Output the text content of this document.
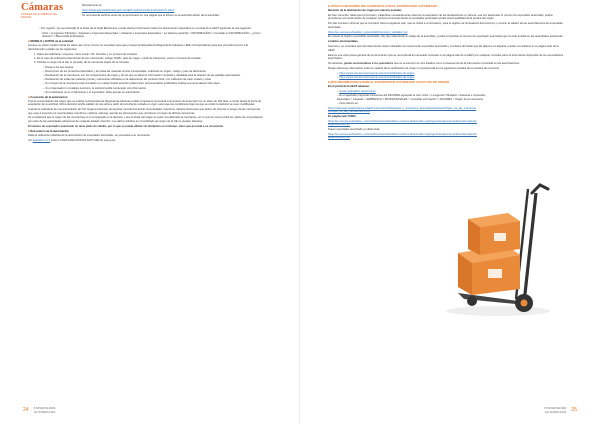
Cámaras
CÁMARA DE COMERCIO DE ESPAÑA

Directamente en:

https://www.agenciatributaria.gob.es/AEAT.sede/procedimientoini/GC47.shtml

Se recomienda verificar antes de proporcionarlo en una página que el fichero es la autoinformación de la autoridad:

– Por registro: (se recomienda) Si el titular de la Sede Electrónica, puede obtener información sobre los documentos requeridos en el portal de la AEAT siguiendo la ruta siguiente:

Inicio > la Agencia Tributaria > Aduanas e Impuestos Especiales > Aduanas e Impuestos Especiales > La aduana española > INFORMACIÓN > Consultar su INFORMACIÓN > ¿Cómo obtener? > Bienvenida al Ministerio

■ MODELO y DATOS de la solicitud

Aunque no existe modelo oficial los datos que como mínimo se necesitan para que procese la Dependencia Regional de Aduanas e IIEE correspondiente para que proceda al envío a la Administración podrán ser los siguientes:

1. Datos del solicitante, empresa, razón social, CIF, domicilio y su persona de contacto.
2. En el caso de solicitud la descripción de las mercancías, código TARIC, país de origen, medio de transporte, puerto o frontera de entrada.
3. Solicitar el origen de la UE, si procede, de la mercancía objeto de la consulta.
– Pasos a los que aspirar.
– Descripción de los productos fabricados y de todas las materias primas incorporadas, indicando su origen, código y país de fabricación.
– Declaración de la mercancía, con los componentes de origen y de los que se dispone información completa y detallada para la relación de las partidas arancelarias.
– Declaración de todas las materias primas y elementos utilizados en la elaboración del producto final, con indicación de valor unitario y total.
– Si el origen de la mercancía está vinculado a un determinado acuerdo preferencial, documentación justificativa relativa a la acumulación del origen.
– Si el interesado lo considera oportuno, la solicitud podrá contemplar otra información.
– Si el solicitante no es el fabricante o el exportador, debe aportar su autorización.
■ Concesión de la autorización

Tras la comprobación del origen que se solicite, la Dependencia Regional de Aduanas e IIEE competente procederá a la emisión de la decisión en un plazo de 150 días, a contar desde la fecha de aceptación de la solicitud. Dicha decisión tendrá validez de tres años a partir de la fecha de entrada en vigor, salvo que las condiciones bajo las que se emitió la decisión se vean modificadas.

Cuando el solicitante de una autorización de IVO tenga la intención de exportar mercancías desde otros Estados miembros, deberá observarse que deben de informar el origen de las mercancías que vaya a exportar por esos Estados miembros y deberá, además, aportar los documentos que corroboren el origen de dichas mercancías.

Se considerará que el origen de las mercancías es el consignado en la decisión y que el titular del origen es quien ha elaborado la mercancía, por lo que la misma podrá ser objeto de comprobación por parte de las autoridades aduaneras de cualquier Estado miembro. Los datos incluidos en el certificado de origen de la UE no pueden alterarse.

El número de exportador autorizado no tiene plazo de validez, por lo que se puede utilizar sin limitación en el tiempo, salvo que proceda a su revocación.

■ Revocación de la autorización

Dada la utilización indebida de la autorización de exportador autorizado, se procederá a su revocación.

Ver apartado 4.1.2 sobre LA DECLARACIÓN EN FACTURA de esta guía.

24 EXPORTADOR
AUTORIZADO
■ OTRAS CUESTIONES RELACIONADAS CON EL EXPORTADOR AUTORIZADO

Revisión de la declaración de origen por efectos postales

Es bien conocido, hasta que la Comisión, tratándose necesariamente antes de la aceptación de las declaraciones en factura, una vez alcanzado el número de exportador autorizado, podría procederse a la reclamación de cualquier proceso comercial donde el exportador autorizado tendrá responsabilidad de la prueba del origen.

Por ello conviene informar que la Comisión hace la siguiente web, que se indica a continuación, para el registro de Operadores Económicos y conocer la validez de las autorizaciones del exportador autorizado:

https://ec.europa.eu/taxation_customs/dds2/eos/eori_validation.jsp

En cuanto al registro exportador autorizado, hay que seleccionar el código de la autoridad, y podrá comprobar el número de exportador autorizado que ha sido emitido en las autoridades aduaneras.

Listados documentales

Asimismo, se considera que las listas donde vienen indicados los números de exportador autorizado y los datos del titular que las dispone en España, pueden consultarse en la página web de la AEAT.

Esta es una vista previa general de la información que se recomienda al interesado consultar en la página web de la AEAT por cualquier consulta sobre la información disponible de los exportadores autorizados.

No obstante, puede recomendarse a los operadores que se encuentren en dos listados como consecuencia de la información contenida en las autorizaciones.

Puede obtenerse información sobre la materia de la certificación de origen no preferencial en los siguientes portales de la Cámara de Comercio:

– https://www.camara.es/comercio-exterior/certificados-de-origen
– https://www.camara.es/comercio-exterior/certificados-de-origen
■ MÁS INFORMACIÓN SOBRE EL EXPORTADOR AUTORIZADO A EFECTOS DE ORIGEN

En el portal de la AEAT aduanas:

– Guías publicadas: Exportación
– En el apartado preguntas frecuentes del INFORMA siguiendo la ruta: Inicio > La Agencia Tributaria > Aduanas e Impuestos Especiales > Aduanas > EMPRESAS Y PROFESIONALES > Consultar información > INFORMA > Origen de la mercancía
– Inicio directo en:

https://www.agenciatributaria.es/AEAT.internet/Inicio/Aduanas_e_Impuestos_Especiales/Aduanas/Origen_de_las_mercancias/Origen_de_las_mercancias.shtml

En página web TARIC:

https://ec.europa.eu/taxation_customs/business/calculation-customs-duties/rules-origin/general-aspects-preferential-origin/arrangements-list_en

Nuevo exportador autorizado en dicha lista:

https://ec.europa.eu/taxation_customs/business/calculation-customs-duties/rules-origin/general-aspects-preferential-origin/arrangements-list_en

EXPORTADOR
AUTORIZADO 25
